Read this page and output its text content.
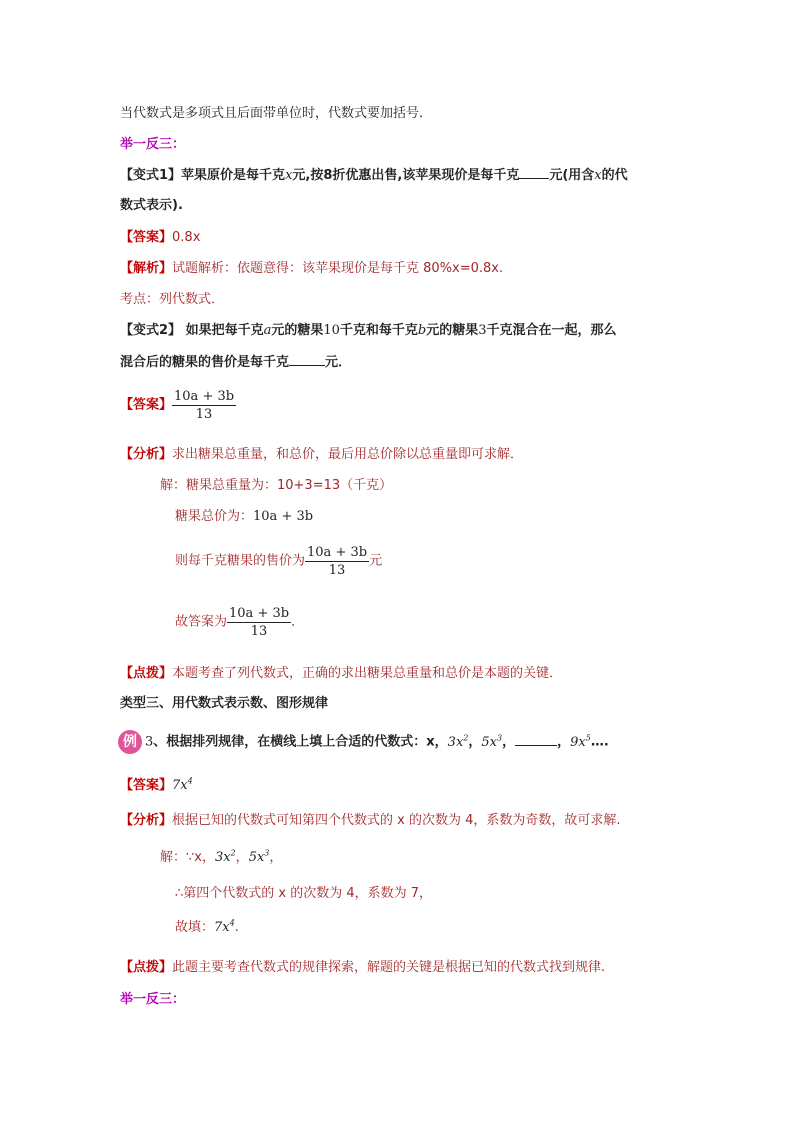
当代数式是多项式且后面带单位时，代数式要加括号．
举一反三：
【变式1】苹果原价是每千克x元,按8折优惠出售,该苹果现价是每千克 元(用含x的代
数式表示).
【答案】0.8x
【解析】试题解析：依题意得：该苹果现价是每千克 80%x=0.8x.
考点：列代数式．
【变式2】 如果把每千克a元的糖果10千克和每千克b元的糖果3千克混合在一起，那么
混合后的糖果的售价是每千克	元．
【答案】 $\frac{10a + 3b}{13}$
【分析】求出糖果总重量，和总价，最后用总价除以总重量即可求解．
解：糖果总重量为：10+3=13（千克）
糖果总价为：10a + 3b
则每千克糖果的售价为 $\frac{10a + 3b}{13}$ 元
故答案为 $\frac{10a + 3b}{13}$ ．
【点拨】本题考查了列代数式，正确的求出糖果总重量和总价是本题的关键．
类型三、用代数式表示数、图形规律
例 3、根据排列规律，在横线上填上合适的代数式：x，$3x^2$，$5x^3$，	，$9x^5\dots$.
【答案】$7x^4$
【分析】根据已知的代数式可知第四个代数式的 x 的次数为 4，系数为奇数，故可求解.
解：∵x，$3x^2$，$5x^3$，
∴第四个代数式的 x 的次数为 4，系数为 7，
故填：$7x^4$.
【点拨】此题主要考查代数式的规律探索，解题的关键是根据已知的代数式找到规律.
举一反三：
